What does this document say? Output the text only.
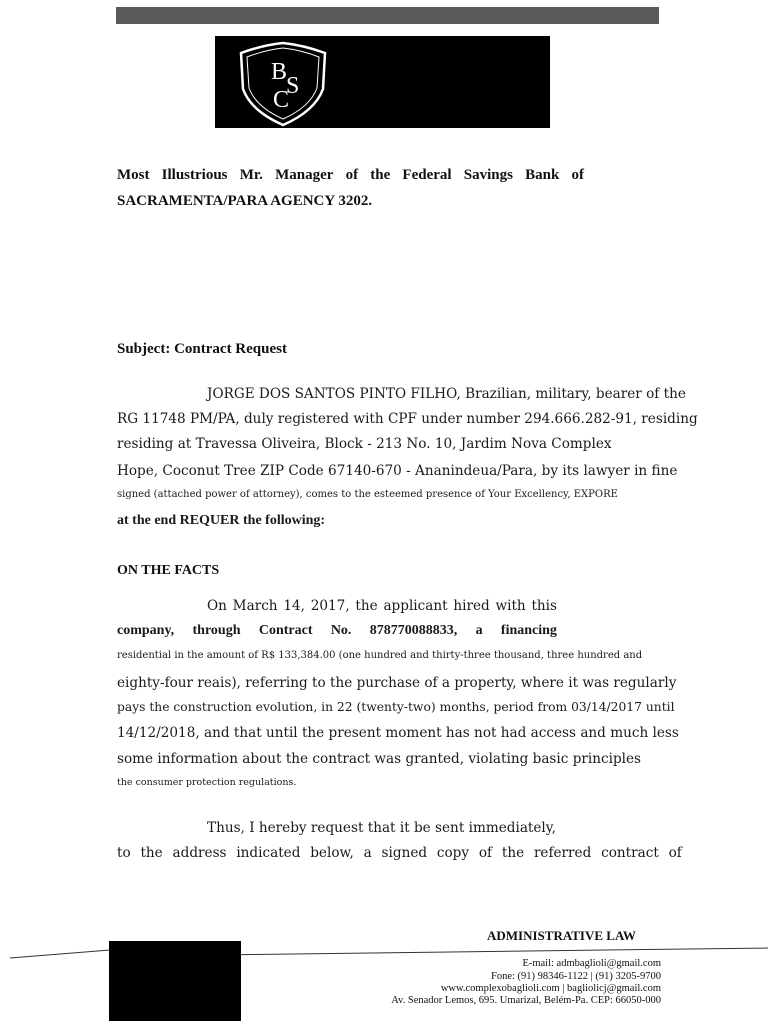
B
S
C
Most Illustrious Mr. Manager of the Federal Savings Bank of
SACRAMENTA/PARA AGENCY 3202.
Subject: Contract Request
JORGE DOS SANTOS PINTO FILHO, Brazilian, military, bearer of the
RG 11748 PM/PA, duly registered with CPF under number 294.666.282-91, residing
residing at Travessa Oliveira, Block - 213 No. 10, Jardim Nova Complex
Hope, Coconut Tree ZIP Code 67140-670 - Ananindeua/Para, by its lawyer in fine
signed (attached power of attorney), comes to the esteemed presence of Your Excellency, EXPORE
at the end REQUER the following:
ON THE FACTS
On March 14, 2017, the applicant hired with this
company, through Contract No. 878770088833, a financing
residential in the amount of R$ 133,384.00 (one hundred and thirty-three thousand, three hundred and
eighty-four reais), referring to the purchase of a property, where it was regularly
pays the construction evolution, in 22 (twenty-two) months, period from 03/14/2017 until
14/12/2018, and that until the present moment has not had access and much less
some information about the contract was granted, violating basic principles
the consumer protection regulations.
Thus, I hereby request that it be sent immediately,
to the address indicated below, a signed copy of the referred contract of
ADMINISTRATIVE LAW
E-mail: admbaglioli@gmail.com
Fone: (91) 98346-1122 | (91) 3205-9700
www.complexobaglioli.com | bagliolicj@gmail.com
Av. Senador Lemos, 695. Umarizal, Belém-Pa. CEP: 66050-000
